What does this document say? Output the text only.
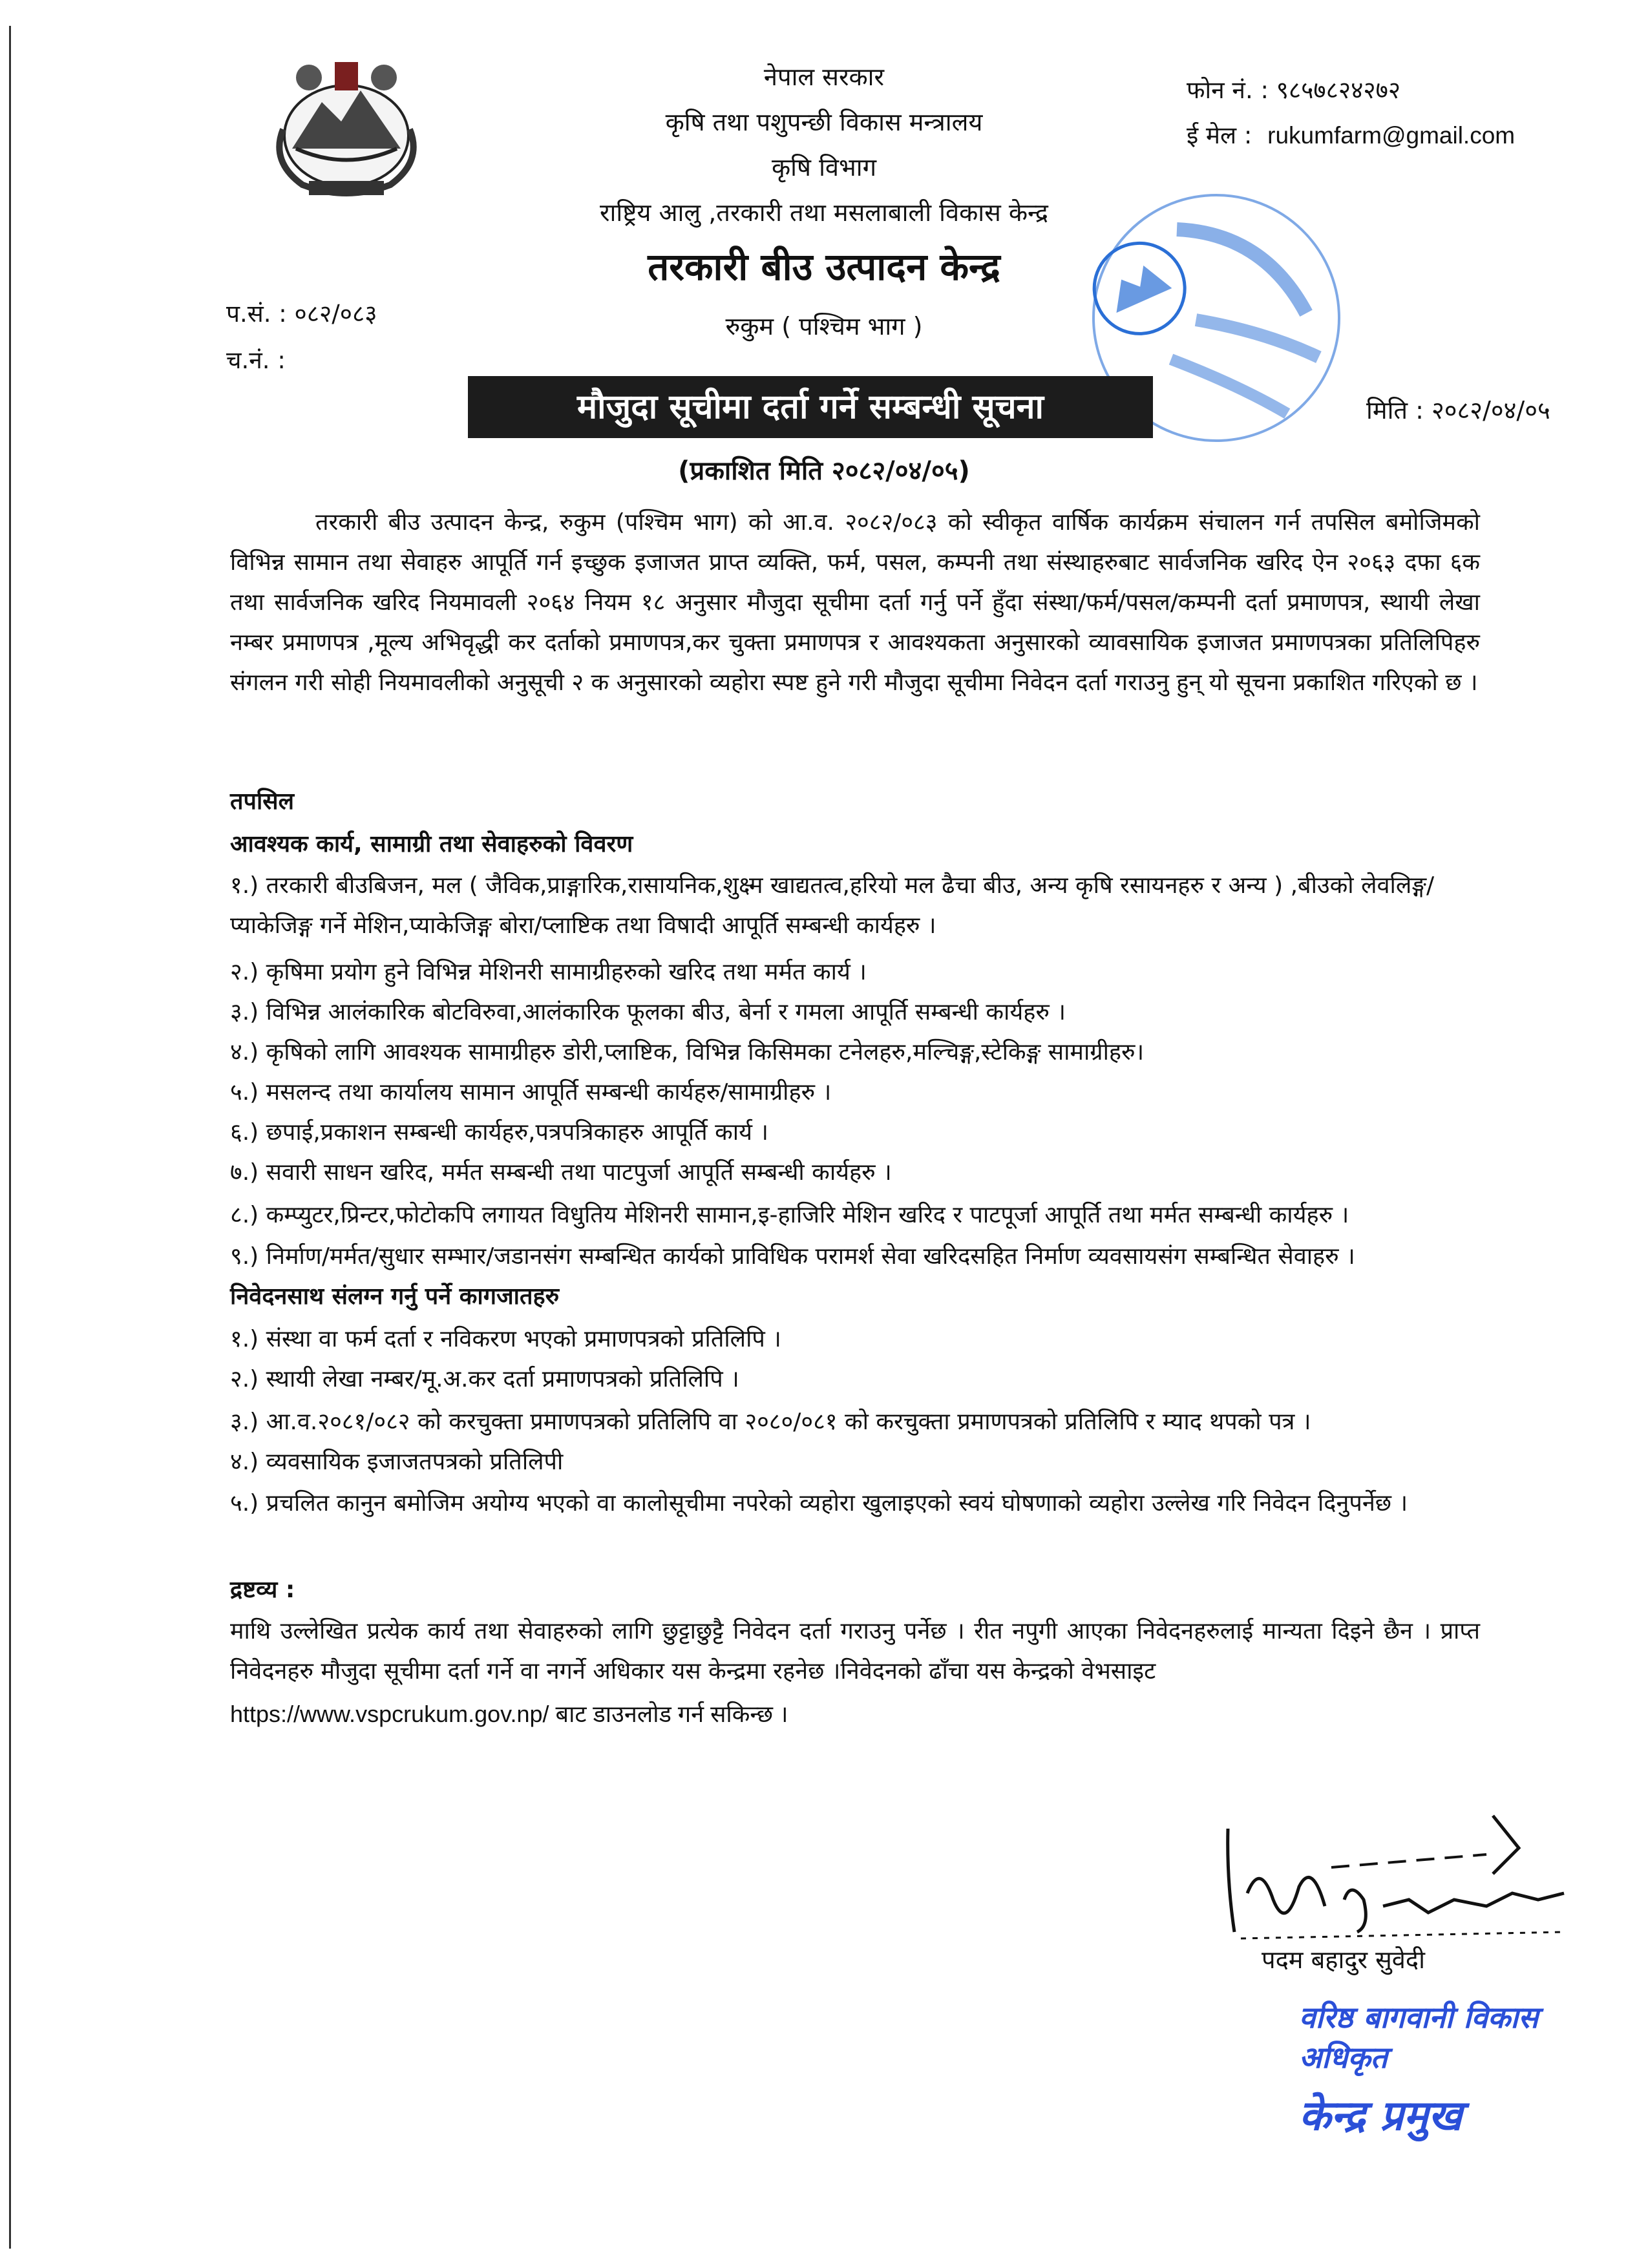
नेपाल सरकार
कृषि तथा पशुपन्छी विकास मन्त्रालय
कृषि विभाग
राष्ट्रिय आलु ,तरकारी तथा मसलाबाली विकास केन्द्र
तरकारी बीउ उत्पादन केन्द्र
रुकुम ( पश्चिम भाग )
फोन नं. : ९८५७८२४२७२
ई मेल : rukumfarm@gmail.com
प.सं. : ०८२/०८३
च.नं. :
मौजुदा सूचीमा दर्ता गर्ने सम्बन्धी सूचना	मिति : २०८२/०४/०५
(प्रकाशित मिति २०८२/०४/०५)
तरकारी बीउ उत्पादन केन्द्र, रुकुम (पश्चिम भाग) को आ.व. २०८२/०८३ को स्वीकृत वार्षिक कार्यक्रम संचालन गर्न तपसिल बमोजिमको विभिन्न सामान तथा सेवाहरु आपूर्ति गर्न इच्छुक इजाजत प्राप्त व्यक्ति, फर्म, पसल, कम्पनी तथा संस्थाहरुबाट सार्वजनिक खरिद ऐन २०६३ दफा ६क तथा सार्वजनिक खरिद नियमावली २०६४ नियम १८ अनुसार मौजुदा सूचीमा दर्ता गर्नु पर्ने हुँदा संस्था/फर्म/पसल/कम्पनी दर्ता प्रमाणपत्र, स्थायी लेखा नम्बर प्रमाणपत्र ,मूल्य अभिवृद्धी कर दर्ताको प्रमाणपत्र,कर चुक्ता प्रमाणपत्र र आवश्यकता अनुसारको व्यावसायिक इजाजत प्रमाणपत्रका प्रतिलिपिहरु संगलन गरी सोही नियमावलीको अनुसूची २ क अनुसारको व्यहोरा स्पष्ट हुने गरी मौजुदा सूचीमा निवेदन दर्ता गराउनु हुन् यो सूचना प्रकाशित गरिएको छ ।
तपसिल
आवश्यक कार्य, सामाग्री तथा सेवाहरुको विवरण
१.) तरकारी बीउबिजन, मल ( जैविक,प्राङ्गारिक,रासायनिक,शुक्ष्म खाद्यतत्व,हरियो मल ढैचा बीउ, अन्य कृषि रसायनहरु र अन्य ) ,बीउको लेवलिङ्ग/ प्याकेजिङ्ग गर्ने मेशिन,प्याकेजिङ्ग बोरा/प्लाष्टिक तथा विषादी आपूर्ति सम्बन्धी कार्यहरु ।
२.) कृषिमा प्रयोग हुने विभिन्न मेशिनरी सामाग्रीहरुको खरिद तथा मर्मत कार्य ।
३.) विभिन्न आलंकारिक बोटविरुवा,आलंकारिक फूलका बीउ, बेर्ना र गमला आपूर्ति सम्बन्धी कार्यहरु ।
४.) कृषिको लागि आवश्यक सामाग्रीहरु डोरी,प्लाष्टिक, विभिन्न किसिमका टनेलहरु,मल्चिङ्ग,स्टेकिङ्ग सामाग्रीहरु।
५.) मसलन्द तथा कार्यालय सामान आपूर्ति सम्बन्धी कार्यहरु/सामाग्रीहरु ।
६.) छपाई,प्रकाशन सम्बन्धी कार्यहरु,पत्रपत्रिकाहरु आपूर्ति कार्य ।
७.) सवारी साधन खरिद, मर्मत सम्बन्धी तथा पाटपुर्जा आपूर्ति सम्बन्धी कार्यहरु ।
८.) कम्प्युटर,प्रिन्टर,फोटोकपि लगायत विधुतिय मेशिनरी सामान,इ-हाजिरि मेशिन खरिद र पाटपूर्जा आपूर्ति तथा मर्मत सम्बन्धी कार्यहरु ।
९.) निर्माण/मर्मत/सुधार सम्भार/जडानसंग सम्बन्धित कार्यको प्राविधिक परामर्श सेवा खरिदसहित निर्माण व्यवसायसंग सम्बन्धित सेवाहरु ।
निवेदनसाथ संलग्न गर्नु पर्ने कागजातहरु
१.) संस्था वा फर्म दर्ता र नविकरण भएको प्रमाणपत्रको प्रतिलिपि ।
२.) स्थायी लेखा नम्बर/मू.अ.कर दर्ता प्रमाणपत्रको प्रतिलिपि ।
३.) आ.व.२०८१/०८२ को करचुक्ता प्रमाणपत्रको प्रतिलिपि वा २०८०/०८१ को करचुक्ता प्रमाणपत्रको प्रतिलिपि र म्याद थपको पत्र ।
४.) व्यवसायिक इजाजतपत्रको प्रतिलिपी
५.) प्रचलित कानुन बमोजिम अयोग्य भएको वा कालोसूचीमा नपरेको व्यहोरा खुलाइएको स्वयं घोषणाको व्यहोरा उल्लेख गरि निवेदन दिनुपर्नेछ ।
द्रष्टव्य :
माथि उल्लेखित प्रत्येक कार्य तथा सेवाहरुको लागि छुट्टाछुट्टै निवेदन दर्ता गराउनु पर्नेछ । रीत नपुगी आएका निवेदनहरुलाई मान्यता दिइने छैन । प्राप्त निवेदनहरु मौजुदा सूचीमा दर्ता गर्ने वा नगर्ने अधिकार यस केन्द्रमा रहनेछ ।निवेदनको ढाँचा यस केन्द्रको वेभसाइट
https://www.vspcrukum.gov.np/ बाट डाउनलोड गर्न सकिन्छ ।
पदम बहादुर सुवेदी
वरिष्ठ बागवानी विकास अधिकृत
केन्द्र प्रमुख
